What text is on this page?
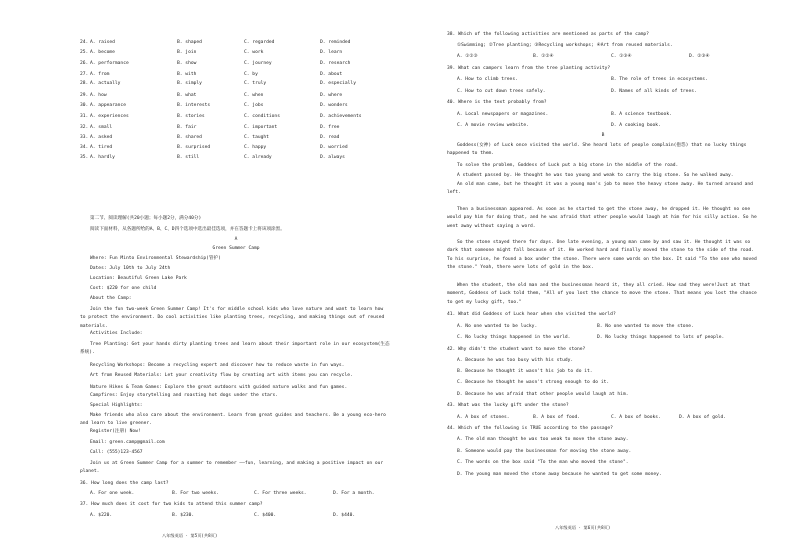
24. A. raised	B. shaped	C. regarded	D. reminded
25. A. become	B. join	C. work	D. learn
26. A. performance	B. show	C. journey	D. research
27. A. from	B. with	C. by	D. about
28. A. actually	B. simply	C. truly	D. especially
29. A. how	B. what	C. when	D. where
30. A. appearance	B. interests	C. jobs	D. wonders
31. A. experiences	B. stories	C. conditions	D. achievements
32. A. small	B. fair	C. important	D. free
33. A. asked	B. shared	C. taught	D. read
34. A. tired	B. surprised	C. happy	D. worried
35. A. hardly	B. still	C. already	D. always
第二节、阅读理解(共20小题；每小题2分，满分40分)
阅读下面材料，从各题所给的A、B、C、D四个选项中选出最佳选项，并在答题卡上将该项涂黑。
A
Green Summer Camp
Where: Fun Minto Environmental Stewardship(管护)
Dates: July 10th to July 24th
Location: Beautiful Green Lake Park
Cost: $220 for one child
About the Camp:
Join the fun two-week Green Summer Camp! It's for middle school kids who love nature and want to learn how to protect the environment. Do cool activities like planting trees, recycling, and making things out of reused materials.
Activities Include:
Tree Planting: Get your hands dirty planting trees and learn about their important role in our ecosystem(生态系统).
Recycling Workshops: Become a recycling expert and discover how to reduce waste in fun ways.
Art from Reused Materials: Let your creativity flow by creating art with items you can recycle.
Nature Hikes & Team Games: Explore the great outdoors with guided nature walks and fun games.
Campfires: Enjoy storytelling and roasting hot dogs under the stars.
Special Highlights:
Make friends who also care about the environment. Learn from great guides and teachers. Be a young eco-hero and learn to live greener.
Register(注册) Now!
Email: green.camp@gmail.com
Call: (555)123-4567
Join us at Green Summer Camp for a summer to remember ——fun, learning, and making a positive impact on our planet.
36. How long does the camp last?
A. For one week.	B. For two weeks.	C. For three weeks.	D. For a month.
37. How much does it cost for two kids to attend this summer camp?
A. $220.	B. $230.	C. $400.	D. $440.
八年级英语 · 第5页(共8页)
38. Which of the following activities are mentioned as parts of the camp?
①Swimming; ②Tree planting; ③Recycling workshops; ④Art from reused materials.
A. ①②③	B. ①②④	C. ①③④	D. ②③④
39. What can campers learn from the tree planting activity?
A. How to climb trees.	B. The role of trees in ecosystems.
C. How to cut down trees safely.	D. Names of all kinds of trees.
40. Where is the text probably from?
A. Local newspapers or magazines.	B. A science textbook.
C. A movie review website.	D. A cooking book.
B
Goddess(女神) of Luck once visited the world. She heard lots of people complain(抱怨) that no lucky things happened to them.
To solve the problem, Goddess of Luck put a big stone in the middle of the road.
A student passed by. He thought he was too young and weak to carry the big stone. So he walked away.
An old man came, but he thought it was a young man's job to move the heavy stone away. He turned around and left.
Then a businessman appeared. As soon as he started to get the stone away, he dropped it. He thought no one would pay him for doing that, and he was afraid that other people would laugh at him for his silly action. So he went away without saying a word.
So the stone stayed there for days. One late evening, a young man came by and saw it. He thought it was so dark that someone might fall because of it. He worked hard and finally moved the stone to the side of the road. To his surprise, he found a box under the stone. There were some words on the box. It said "To the one who moved the stone." Yeah, there were lots of gold in the box.
When the student, the old man and the businessman heard it, they all cried. How sad they were!Just at that moment, Goddess of Luck told them, "All of you lost the chance to move the stone. That means you lost the chance to get my lucky gift, too."
41. What did Goddess of Luck hear when she visited the world?
A. No one wanted to be lucky.	B. No one wanted to move the stone.
C. No lucky things happened in the world.	D. No lucky things happened to lots of people.
42. Why didn't the student want to move the stone?
A. Because he was too busy with his study.
B. Because he thought it wasn't his job to do it.
C. Because he thought he wasn't strong enough to do it.
D. Because he was afraid that other people would laugh at him.
43. What was the lucky gift under the stone?
A. A box of stones.	B. A box of food.	C. A box of books.	D. A box of gold.
44. Which of the following is TRUE according to the passage?
A. The old man thought he was too weak to move the stone away.
B. Someone would pay the businessman for moving the stone away.
C. The words on the box said "To the man who moved the stone".
D. The young man moved the stone away because he wanted to get some money.
八年级英语 · 第6页(共8页)
